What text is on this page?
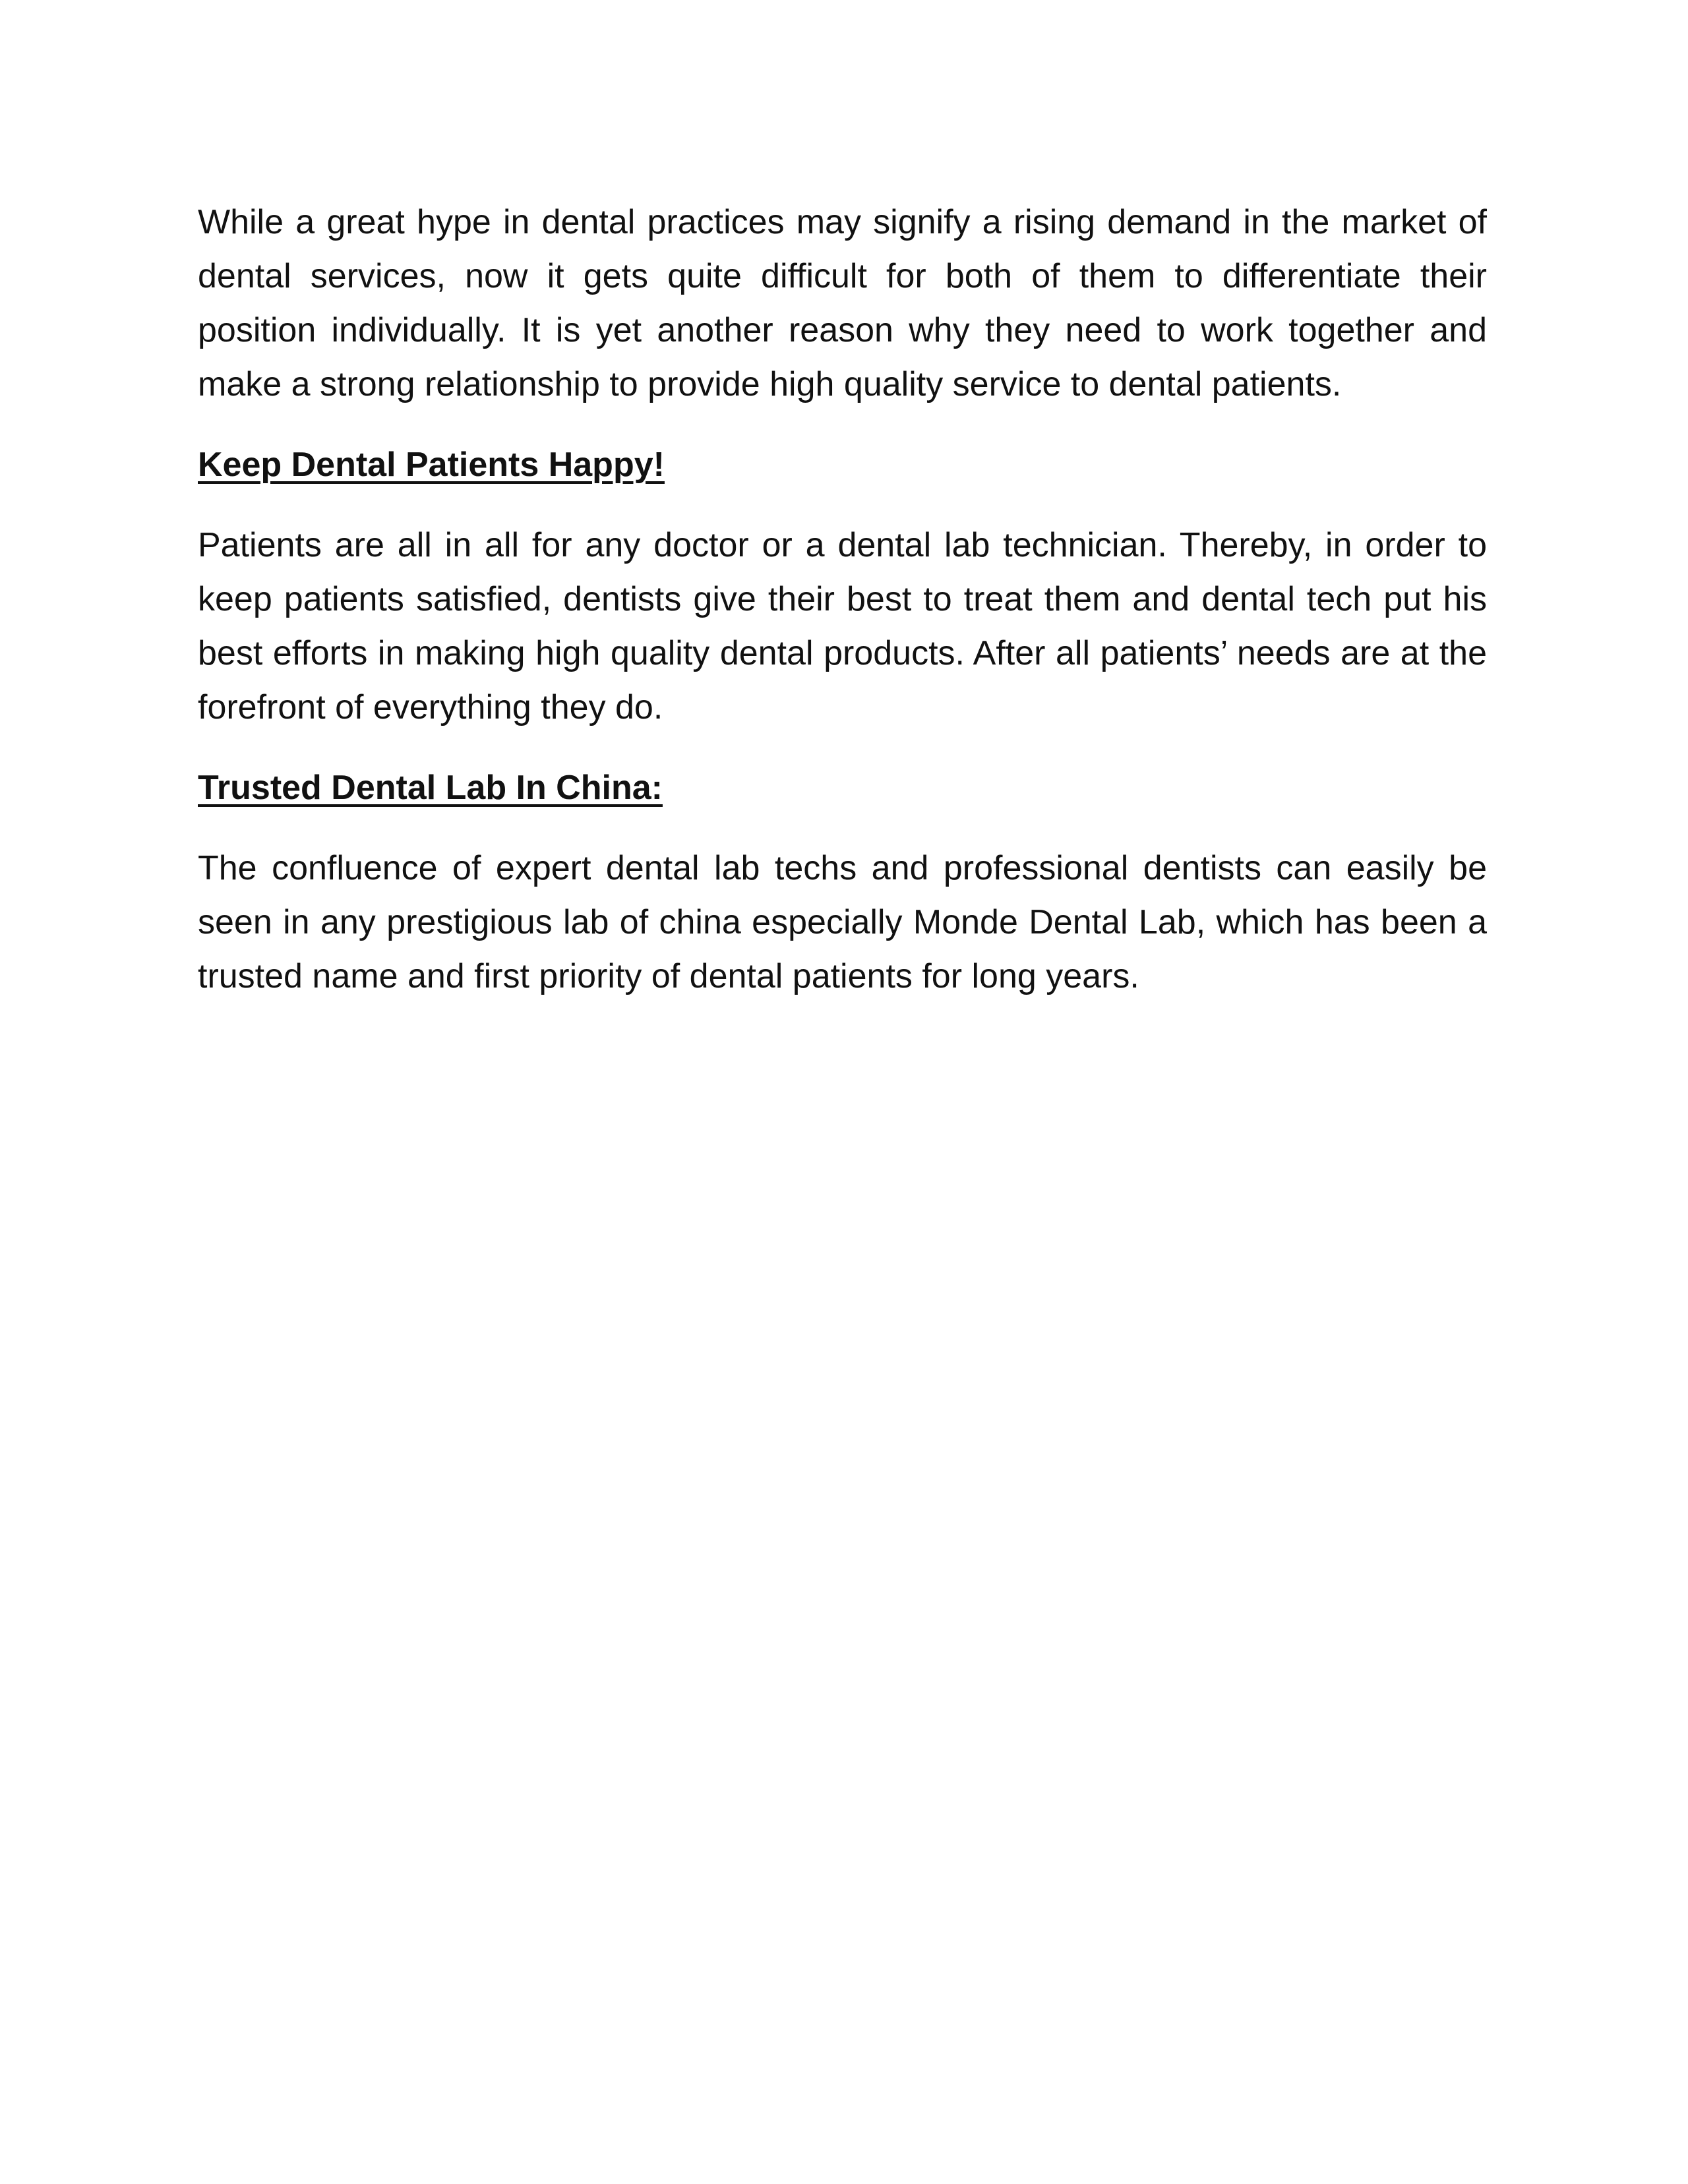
While a great hype in dental practices may signify a rising demand in the market of dental services, now it gets quite difficult for both of them to differentiate their position individually. It is yet another reason why they need to work together and make a strong relationship to provide high quality service to dental patients.

Keep Dental Patients Happy!

Patients are all in all for any doctor or a dental lab technician. Thereby, in order to keep patients satisfied, dentists give their best to treat them and dental tech put his best efforts in making high quality dental products. After all patients’ needs are at the forefront of everything they do.

Trusted Dental Lab In China:

The confluence of expert dental lab techs and professional dentists can easily be seen in any prestigious lab of china especially Monde Dental Lab, which has been a trusted name and first priority of dental patients for long years.
